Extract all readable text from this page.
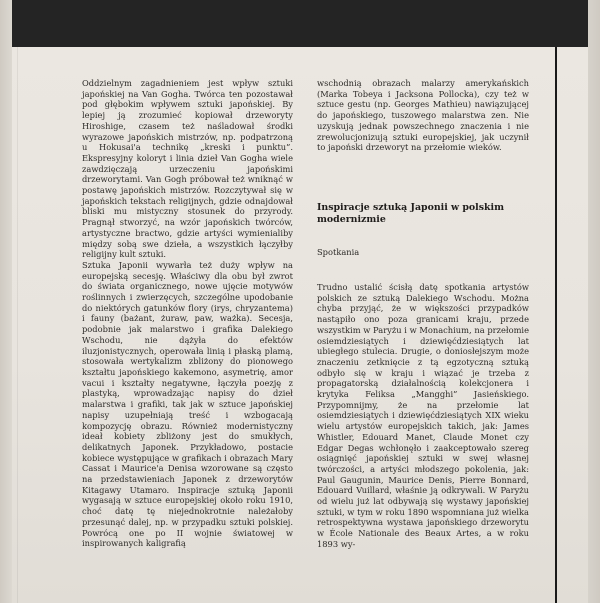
Oddzielnym zagadnieniem jest wpływ sztuki japońskiej na Van Gogha. Twórca ten pozostawał pod głębokim wpływem sztuki japońskiej. By lepiej ją zrozumieć kopiował drzeworyty Hiroshige, czasem też naśladował środki wyrazowe japońskich mistrzów, np. podpatrzoną u Hokusai'a technikę „kreski i punktu”. Ekspresyjny koloryt i linia dzieł Van Gogha wiele zawdzięczają urzeczeniu japońskimi drzeworytami. Van Gogh próbował też wniknąć w postawę japońskich mistrzów. Rozczytywał się w japońskich tekstach religijnych, gdzie odnajdował bliski mu mistyczny stosunek do przyrody. Pragnął stworzyć, na wzór japońskich twórców, artystyczne bractwo, gdzie artyści wymienialiby między sobą swe dzieła, a wszystkich łączyłby religijny kult sztuki.

Sztuka Japonii wywarła też duży wpływ na europejską secesję. Właściwy dla obu był zwrot do świata organicznego, nowe ujęcie motywów roślinnych i zwierzęcych, szczególne upodobanie do niektórych gatunków flory (irys, chryzantema) i fauny (bażant, żuraw, paw, ważka). Secesja, podobnie jak malarstwo i grafika Dalekiego Wschodu, nie dążyła do efektów iluzjonistycznych, operowała linią i płaską plamą, stosowała wertykalizm zbliżony do pionowego kształtu japońskiego kakemono, asymetrię, amor vacui i kształty negatywne, łączyła poezję z plastyką, wprowadzając napisy do dzieł malarstwa i grafiki, tak jak w sztuce japońskiej napisy uzupełniają treść i wzbogacają kompozycję obrazu. Również modernistyczny ideał kobiety zbliżony jest do smukłych, delikatnych Japonek. Przykładowo, postacie kobiece występujące w grafikach i obrazach Mary Cassat i Maurice'a Denisa wzorowane są często na przedstawieniach Japonek z drzeworytów Kitagawy Utamaro. Inspiracje sztuką Japonii wygasają w sztuce europejskiej około roku 1910, choć datę tę niejednokrotnie należałoby przesunąć dalej, np. w przypadku sztuki polskiej. Powrócą one po II wojnie światowej w inspirowanych kaligrafią

wschodnią obrazach malarzy amerykańskich (Marka Tobeya i Jacksona Pollocka), czy też w sztuce gestu (np. Georges Mathieu) nawiązującej do japońskiego, tuszowego malarstwa zen. Nie uzyskują jednak powszechnego znaczenia i nie zrewolucjonizują sztuki europejskiej, jak uczynił to japoński drzeworyt na przełomie wieków.

Inspiracje sztuką Japonii w polskim modernizmie

Spotkania

Trudno ustalić ścisłą datę spotkania artystów polskich ze sztuką Dalekiego Wschodu. Można chyba przyjąć, że w większości przypadków nastąpiło ono poza granicami kraju, przede wszystkim w Paryżu i w Monachium, na przełomie osiemdziesiątych i dziewięćdziesiątych lat ubiegłego stulecia. Drugie, o doniosłejszym może znaczeniu zetknięcie z tą egzotyczną sztuką odbyło się w kraju i wiązać je trzeba z propagatorską działalnością kolekcjonera i krytyka Feliksa „Mangghi” Jasieńskiego. Przypomnijmy, że na przełomie lat osiemdziesiątych i dziewięćdziesiątych XIX wieku wielu artystów europejskich takich, jak: James Whistler, Edouard Manet, Claude Monet czy Edgar Degas wchłonęło i zaakceptowało szereg osiągnięć japońskiej sztuki w swej własnej twórczości, a artyści młodszego pokolenia, jak: Paul Gaugunin, Maurice Denis, Pierre Bonnard, Edouard Vuillard, właśnie ją odkrywali. W Paryżu od wielu już lat odbywają się wystawy japońskiej sztuki, w tym w roku 1890 wspomniana już wielka retrospektywna wystawa japońskiego drzeworytu w École Nationale des Beaux Artes, a w roku 1893 wy-
